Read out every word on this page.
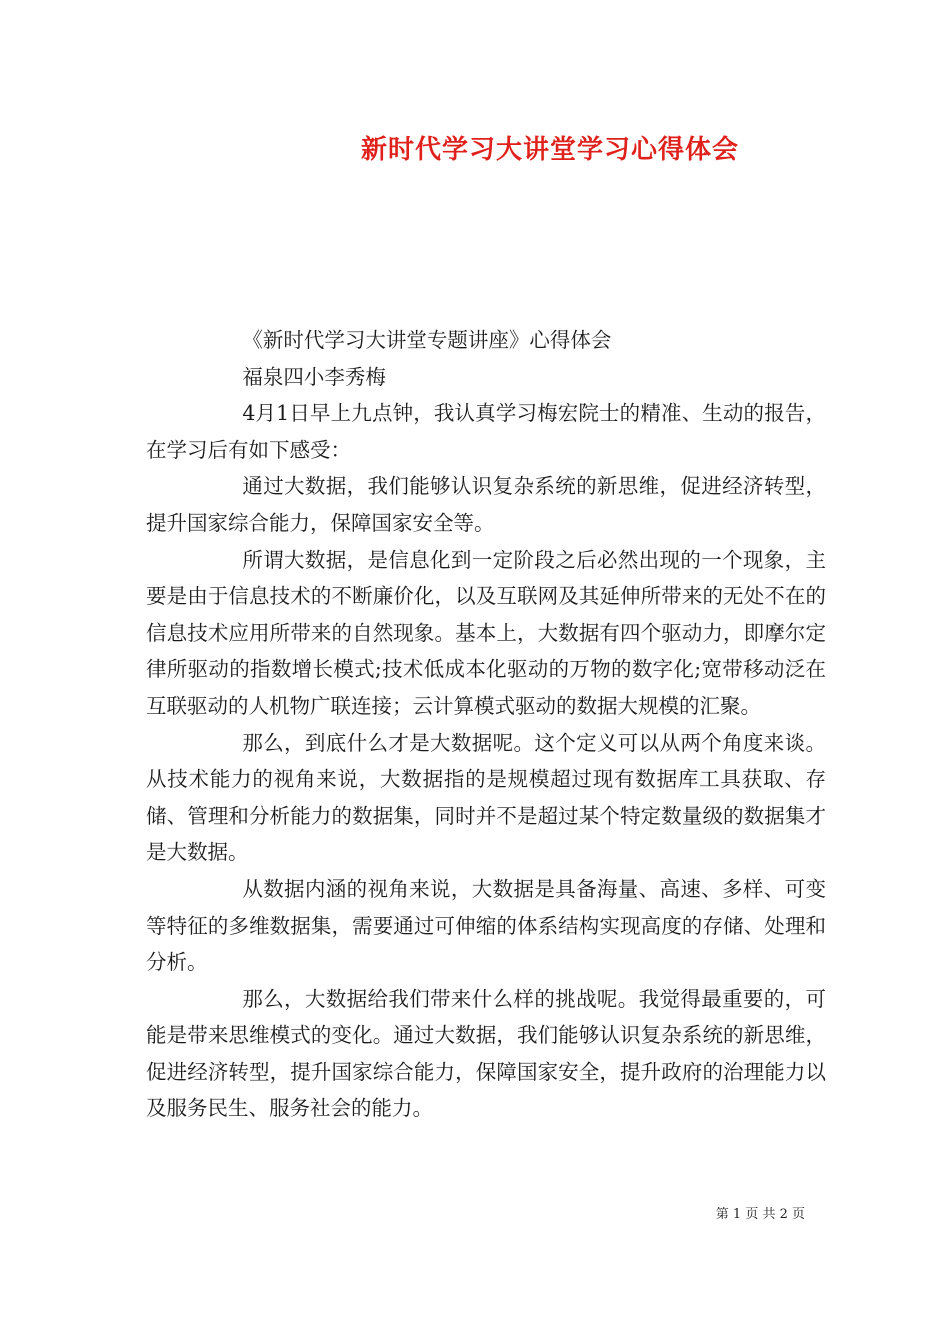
新时代学习大讲堂学习心得体会

《新时代学习大讲堂专题讲座》心得体会

福泉四小李秀梅

4月1日早上九点钟，我认真学习梅宏院士的精准、生动的报告，在学习后有如下感受：

通过大数据，我们能够认识复杂系统的新思维，促进经济转型，提升国家综合能力，保障国家安全等。

所谓大数据，是信息化到一定阶段之后必然出现的一个现象，主要是由于信息技术的不断廉价化，以及互联网及其延伸所带来的无处不在的信息技术应用所带来的自然现象。基本上，大数据有四个驱动力，即摩尔定律所驱动的指数增长模式;技术低成本化驱动的万物的数字化;宽带移动泛在互联驱动的人机物广联连接；云计算模式驱动的数据大规模的汇聚。

那么，到底什么才是大数据呢。这个定义可以从两个角度来谈。从技术能力的视角来说，大数据指的是规模超过现有数据库工具获取、存储、管理和分析能力的数据集，同时并不是超过某个特定数量级的数据集才是大数据。

从数据内涵的视角来说，大数据是具备海量、高速、多样、可变等特征的多维数据集，需要通过可伸缩的体系结构实现高度的存储、处理和分析。

那么，大数据给我们带来什么样的挑战呢。我觉得最重要的，可能是带来思维模式的变化。通过大数据，我们能够认识复杂系统的新思维，促进经济转型，提升国家综合能力，保障国家安全，提升政府的治理能力以及服务民生、服务社会的能力。

第 1 页 共 2 页
